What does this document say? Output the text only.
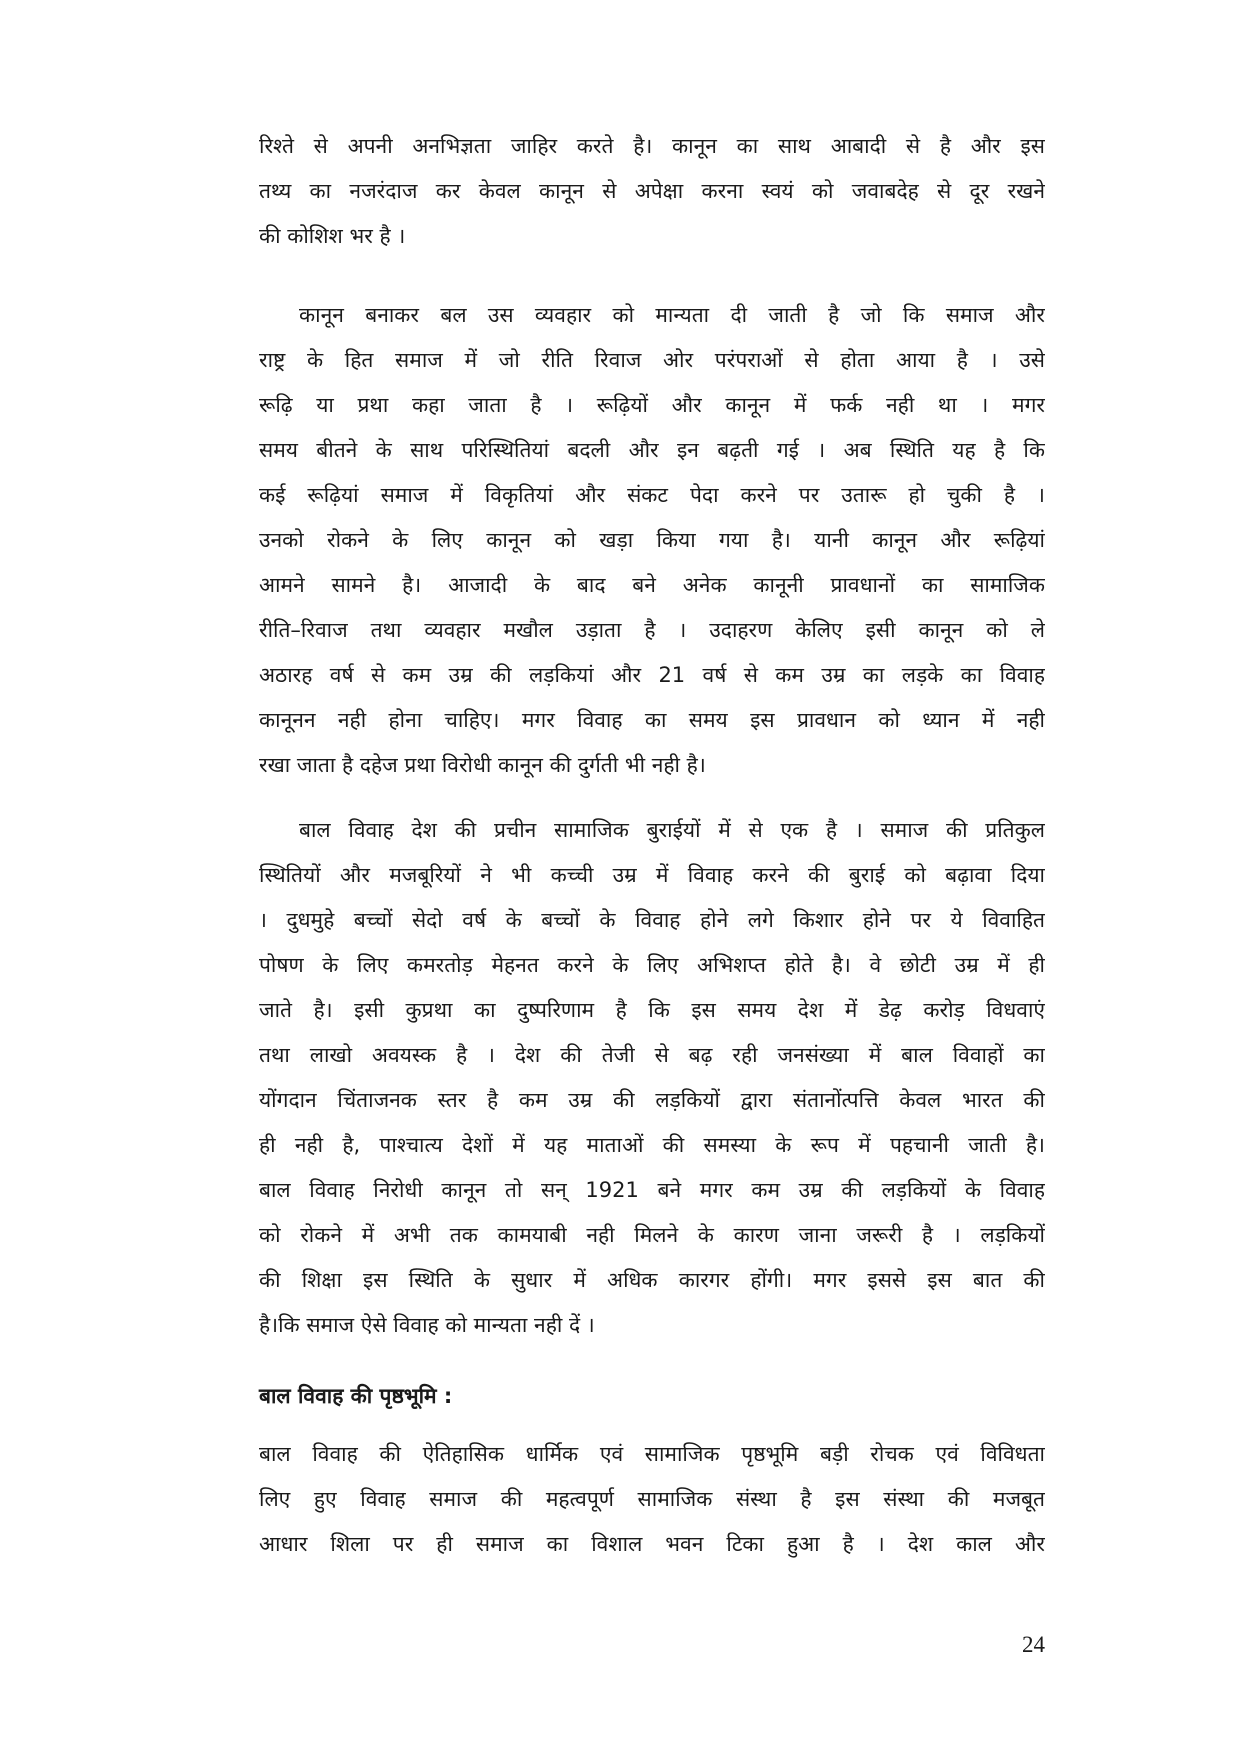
रिश्ते से अपनी अनभिज्ञता जाहिर करते है। कानून का साथ आबादी से है और इस
तथ्य का नजरंदाज कर केवल कानून से अपेक्षा करना स्वयं को जवाबदेह से दूर रखने
की कोशिश भर है ।
कानून बनाकर बल उस व्यवहार को मान्यता दी जाती है जो कि समाज और
राष्ट्र के हित समाज में जो रीति रिवाज ओर परंपराओं से होता आया है । उसे
रूढ़ि या प्रथा कहा जाता है । रूढ़ियों और कानून में फर्क नही था । मगर
समय बीतने के साथ परिस्थितियां बदली और इन बढ़ती गई । अब स्थिति यह है कि
कई रूढ़ियां समाज में विकृतियां और संकट पेदा करने पर उतारू हो चुकी है ।
उनको रोकने के लिए कानून को खड़ा किया गया है। यानी कानून और रूढ़ियां
आमने सामने है। आजादी के बाद बने अनेक कानूनी प्रावधानों का सामाजिक
रीति–रिवाज तथा व्यवहार मखौल उड़ाता है । उदाहरण केलिए इसी कानून को ले
अठारह वर्ष से कम उम्र की लड़कियां और 21 वर्ष से कम उम्र का लड़के का विवाह
कानूनन नही होना चाहिए। मगर विवाह का समय इस प्रावधान को ध्यान में नही
रखा जाता है दहेज प्रथा विरोधी कानून की दुर्गती भी नही है।
बाल विवाह देश की प्रचीन सामाजिक बुराईयों में से एक है । समाज की प्रतिकुल
स्थितियों और मजबूरियों ने भी कच्ची उम्र में विवाह करने की बुराई को बढ़ावा दिया
। दुधमुहे बच्चों सेदो वर्ष के बच्चों के विवाह होने लगे किशार होने पर ये विवाहित
पोषण के लिए कमरतोड़ मेहनत करने के लिए अभिशप्त होते है। वे छोटी उम्र में ही
जाते है। इसी कुप्रथा का दुष्परिणाम है कि इस समय देश में डेढ़ करोड़ विधवाएं
तथा लाखो अवयस्क है । देश की तेजी से बढ़ रही जनसंख्या में बाल विवाहों का
योंगदान चिंताजनक स्तर है कम उम्र की लड़कियों द्वारा संतानोंत्पत्ति केवल भारत की
ही नही है, पाश्चात्य देशों में यह माताओं की समस्या के रूप में पहचानी जाती है।
बाल विवाह निरोधी कानून तो सन् 1921 बने मगर कम उम्र की लड़कियों के विवाह
को रोकने में अभी तक कामयाबी नही मिलने के कारण जाना जरूरी है । लड़कियों
की शिक्षा इस स्थिति के सुधार में अधिक कारगर होंगी। मगर इससे इस बात की
है।कि समाज ऐसे विवाह को मान्यता नही दें ।
बाल विवाह की पृष्ठभूमि :
बाल विवाह की ऐतिहासिक धार्मिक एवं सामाजिक पृष्ठभूमि बड़ी रोचक एवं विविधता
लिए हुए विवाह समाज की महत्वपूर्ण सामाजिक संस्था है इस संस्था की मजबूत
आधार शिला पर ही समाज का विशाल भवन टिका हुआ है । देश काल और
24
